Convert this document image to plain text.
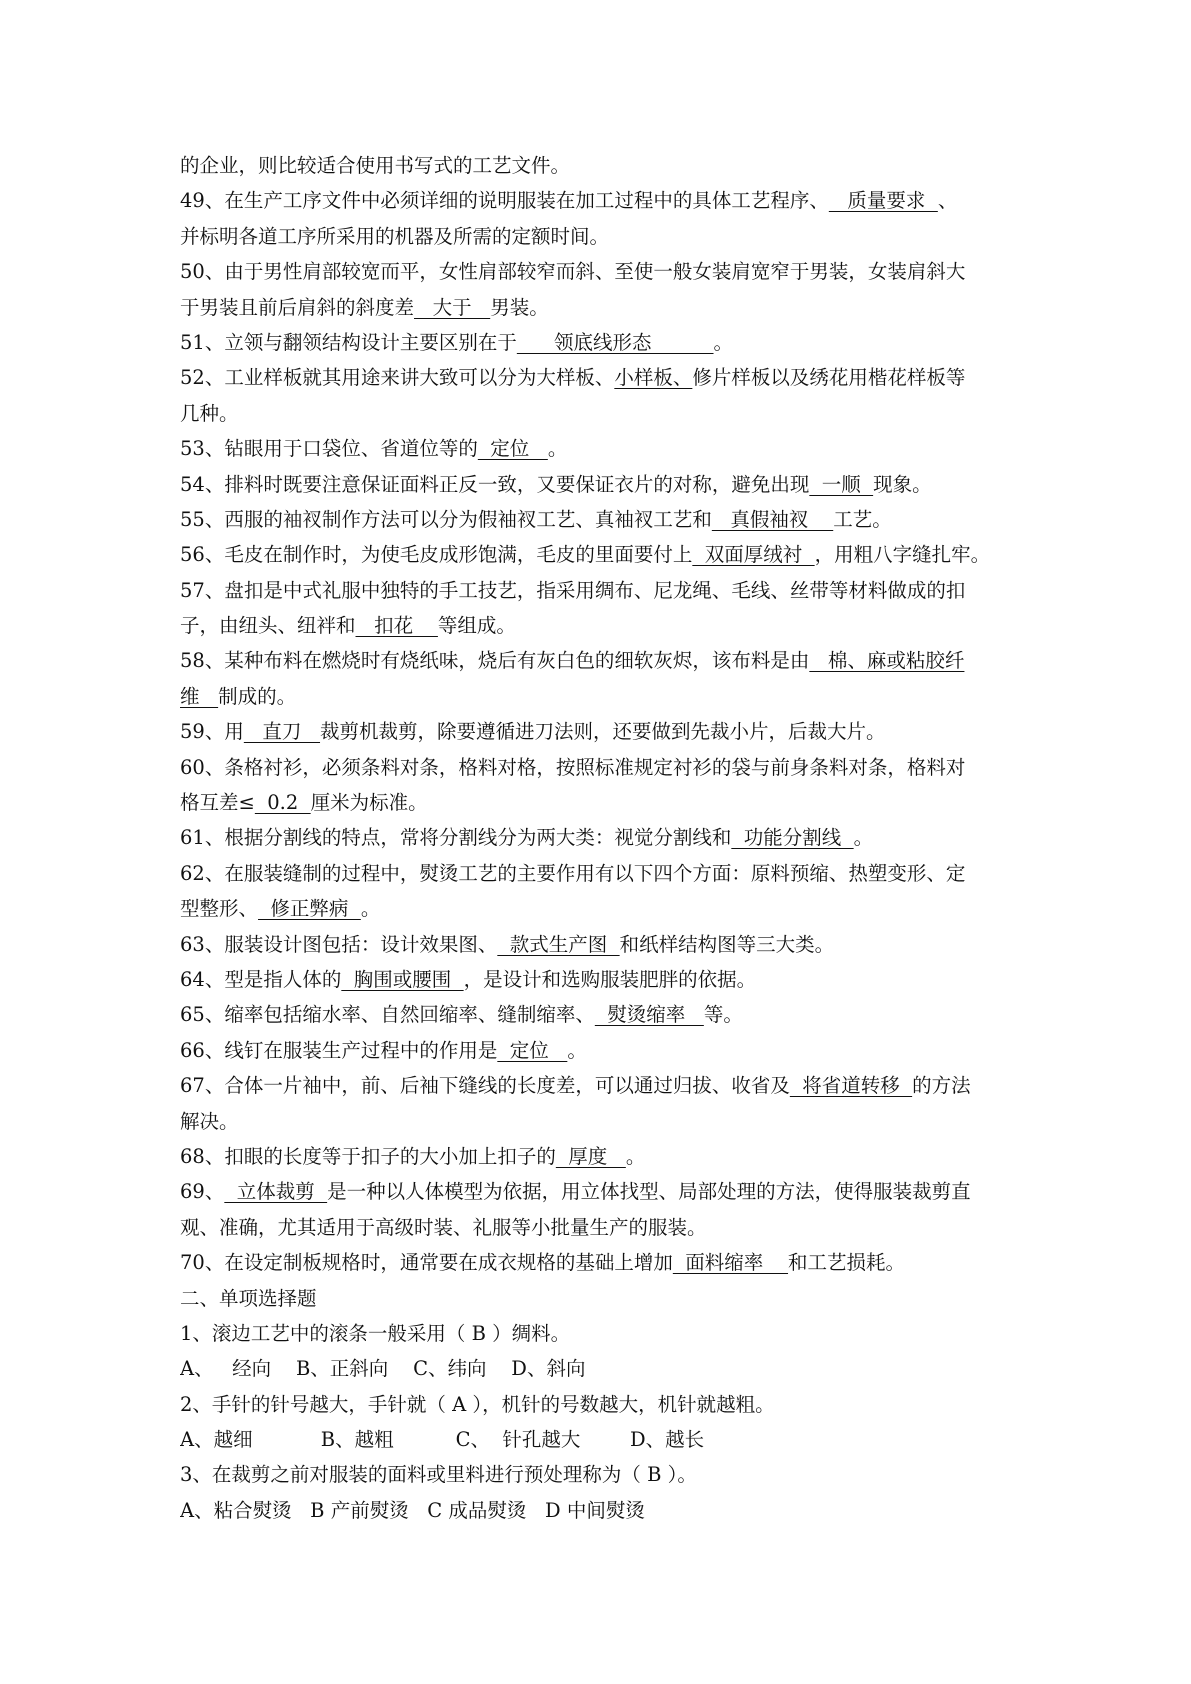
的企业，则比较适合使用书写式的工艺文件。
49、在生产工序文件中必须详细的说明服装在加工过程中的具体工艺程序、   质量要求  、
并标明各道工序所采用的机器及所需的定额时间。
50、由于男性肩部较宽而平，女性肩部较窄而斜、至使一般女装肩宽窄于男装，女装肩斜大
于男装且前后肩斜的斜度差   大于   男装。
51、立领与翻领结构设计主要区别在于      领底线形态          。
52、工业样板就其用途来讲大致可以分为大样板、小样板、修片样板以及绣花用楷花样板等
几种。
53、钻眼用于口袋位、省道位等的  定位   。
54、排料时既要注意保证面料正反一致，又要保证衣片的对称，避免出现  一顺  现象。
55、西服的袖衩制作方法可以分为假袖衩工艺、真袖衩工艺和   真假袖衩    工艺。
56、毛皮在制作时，为使毛皮成形饱满，毛皮的里面要付上  双面厚绒衬  ，用粗八字缝扎牢。
57、盘扣是中式礼服中独特的手工技艺，指采用绸布、尼龙绳、毛线、丝带等材料做成的扣
子，由纽头、纽袢和   扣花    等组成。
58、某种布料在燃烧时有烧纸味，烧后有灰白色的细软灰烬，该布料是由   棉、麻或粘胶纤
维   制成的。
59、用   直刀   裁剪机裁剪，除要遵循进刀法则，还要做到先裁小片，后裁大片。
60、条格衬衫，必须条料对条，格料对格，按照标准规定衬衫的袋与前身条料对条，格料对
格互差≤  0.2  厘米为标准。
61、根据分割线的特点，常将分割线分为两大类：视觉分割线和  功能分割线  。
62、在服装缝制的过程中，熨烫工艺的主要作用有以下四个方面：原料预缩、热塑变形、定
型整形、  修正弊病  。
63、服装设计图包括：设计效果图、  款式生产图  和纸样结构图等三大类。
64、型是指人体的  胸围或腰围  ，是设计和选购服装肥胖的依据。
65、缩率包括缩水率、自然回缩率、缝制缩率、  熨烫缩率   等。
66、线钉在服装生产过程中的作用是  定位   。
67、合体一片袖中，前、后袖下缝线的长度差，可以通过归拔、收省及  将省道转移  的方法
解决。
68、扣眼的长度等于扣子的大小加上扣子的  厚度   。
69、  立体裁剪  是一种以人体模型为依据，用立体找型、局部处理的方法，使得服装裁剪直
观、准确，尤其适用于高级时装、礼服等小批量生产的服装。
70、在设定制板规格时，通常要在成衣规格的基础上增加  面料缩率    和工艺损耗。
二、单项选择题
1、滚边工艺中的滚条一般采用（ B ）绸料。
A、   经向    B、正斜向    C、纬向    D、斜向
2、手针的针号越大，手针就（ A ），机针的号数越大，机针就越粗。
A、越细           B、越粗          C、  针孔越大        D、越长
3、在裁剪之前对服装的面料或里料进行预处理称为（ B ）。
A、粘合熨烫   B 产前熨烫   C 成品熨烫   D 中间熨烫
